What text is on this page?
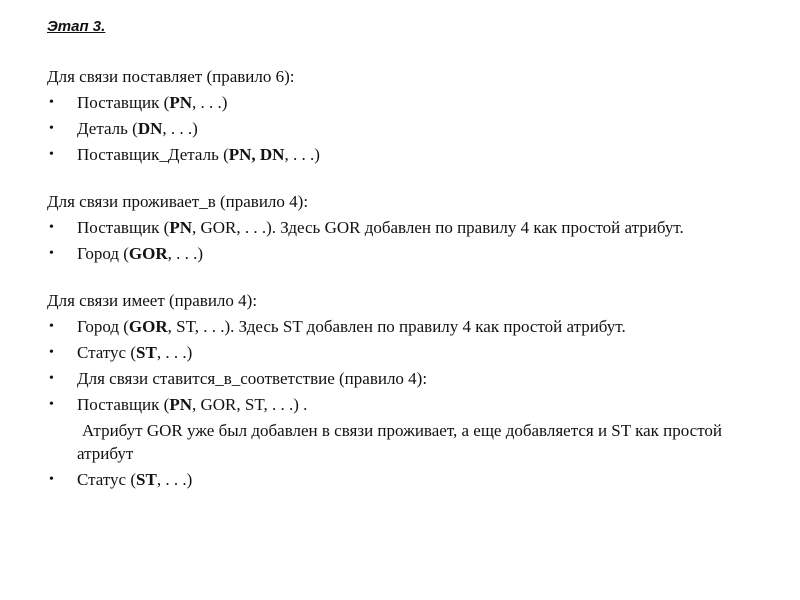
Этап 3.

Для связи поставляет (правило 6):

• Поставщик (PN, . . .)
• Деталь (DN, . . .)
• Поставщик_Деталь (PN, DN, . . .)

Для связи проживает_в (правило 4):

• Поставщик (PN, GOR, . . .). Здесь GOR добавлен по правилу 4 как простой атрибут.
• Город (GOR, . . .)

Для связи имеет (правило 4):

• Город (GOR, ST, . . .). Здесь ST добавлен по правилу 4 как простой атрибут.
• Статус (ST, . . .)
• Для связи ставится_в_соответствие (правило 4):
• Поставщик (PN, GOR, ST, . . .) .
Атрибут GOR уже был добавлен в связи проживает, а еще добавляется и ST как простой атрибут
• Статус (ST, . . .)
